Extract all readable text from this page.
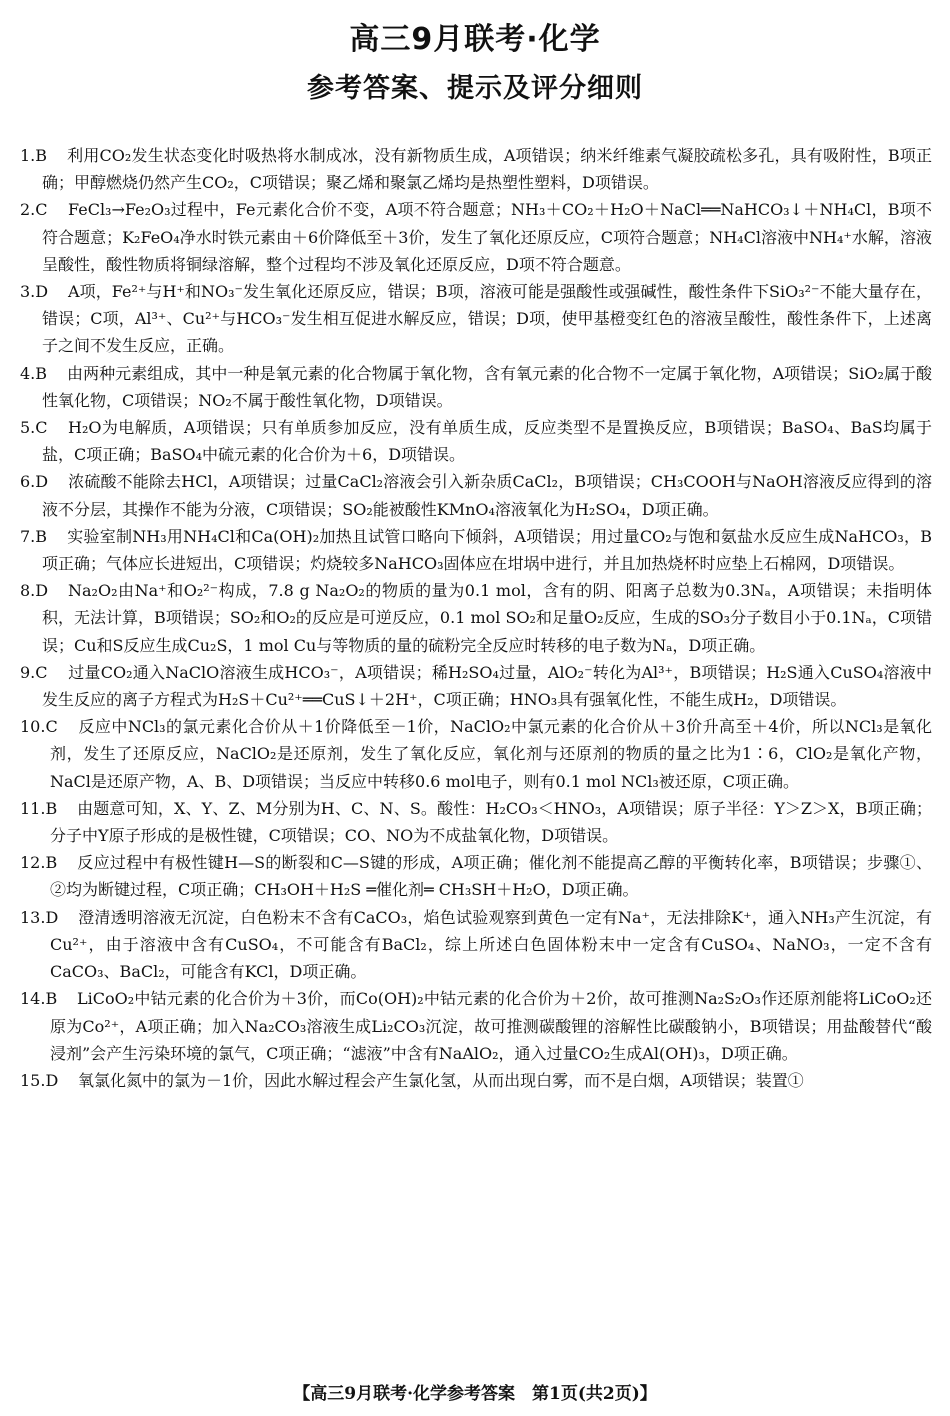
高三9月联考·化学
参考答案、提示及评分细则

1.B	利用CO₂发生状态变化时吸热将水制成冰，没有新物质生成，A项错误；纳米纤维素气凝胶疏松多孔，具有吸附性，B项正确；甲醇燃烧仍然产生CO₂，C项错误；聚乙烯和聚氯乙烯均是热塑性塑料，D项错误。

2.C	FeCl₃→Fe₂O₃过程中，Fe元素化合价不变，A项不符合题意；NH₃＋CO₂＋H₂O＋NaCl══NaHCO₃↓＋NH₄Cl，B项不符合题意；K₂FeO₄净水时铁元素由＋6价降低至＋3价，发生了氧化还原反应，C项符合题意；NH₄Cl溶液中NH₄⁺水解，溶液呈酸性，酸性物质将铜绿溶解，整个过程均不涉及氧化还原反应，D项不符合题意。

3.D	A项，Fe²⁺与H⁺和NO₃⁻发生氧化还原反应，错误；B项，溶液可能是强酸性或强碱性，酸性条件下SiO₃²⁻不能大量存在，错误；C项，Al³⁺、Cu²⁺与HCO₃⁻发生相互促进水解反应，错误；D项，使甲基橙变红色的溶液呈酸性，酸性条件下，上述离子之间不发生反应，正确。

4.B	由两种元素组成，其中一种是氧元素的化合物属于氧化物，含有氧元素的化合物不一定属于氧化物，A项错误；SiO₂属于酸性氧化物，C项错误；NO₂不属于酸性氧化物，D项错误。

5.C	H₂O为电解质，A项错误；只有单质参加反应，没有单质生成，反应类型不是置换反应，B项错误；BaSO₄、BaS均属于盐，C项正确；BaSO₄中硫元素的化合价为＋6，D项错误。

6.D	浓硫酸不能除去HCl，A项错误；过量CaCl₂溶液会引入新杂质CaCl₂，B项错误；CH₃COOH与NaOH溶液反应得到的溶液不分层，其操作不能为分液，C项错误；SO₂能被酸性KMnO₄溶液氧化为H₂SO₄，D项正确。

7.B	实验室制NH₃用NH₄Cl和Ca(OH)₂加热且试管口略向下倾斜，A项错误；用过量CO₂与饱和氨盐水反应生成NaHCO₃，B项正确；气体应长进短出，C项错误；灼烧较多NaHCO₃固体应在坩埚中进行，并且加热烧杯时应垫上石棉网，D项错误。

8.D	Na₂O₂由Na⁺和O₂²⁻构成，7.8 g Na₂O₂的物质的量为0.1 mol，含有的阴、阳离子总数为0.3Nₐ，A项错误；未指明体积，无法计算，B项错误；SO₂和O₂的反应是可逆反应，0.1 mol SO₂和足量O₂反应，生成的SO₃分子数目小于0.1Nₐ，C项错误；Cu和S反应生成Cu₂S，1 mol Cu与等物质的量的硫粉完全反应时转移的电子数为Nₐ，D项正确。

9.C	过量CO₂通入NaClO溶液生成HCO₃⁻，A项错误；稀H₂SO₄过量，AlO₂⁻转化为Al³⁺，B项错误；H₂S通入CuSO₄溶液中发生反应的离子方程式为H₂S＋Cu²⁺══CuS↓＋2H⁺，C项正确；HNO₃具有强氧化性，不能生成H₂，D项错误。

10.C	反应中NCl₃的氯元素化合价从＋1价降低至－1价，NaClO₂中氯元素的化合价从＋3价升高至＋4价，所以NCl₃是氧化剂，发生了还原反应，NaClO₂是还原剂，发生了氧化反应，氧化剂与还原剂的物质的量之比为1∶6，ClO₂是氧化产物，NaCl是还原产物，A、B、D项错误；当反应中转移0.6 mol电子，则有0.1 mol NCl₃被还原，C项正确。

11.B	由题意可知，X、Y、Z、M分别为H、C、N、S。酸性：H₂CO₃＜HNO₃，A项错误；原子半径：Y＞Z＞X，B项正确；分子中Y原子形成的是极性键，C项错误；CO、NO为不成盐氧化物，D项错误。

12.B	反应过程中有极性键H—S的断裂和C—S键的形成，A项正确；催化剂不能提高乙醇的平衡转化率，B项错误；步骤①、②均为断键过程，C项正确；CH₃OH＋H₂S ═催化剂═ CH₃SH＋H₂O，D项正确。

13.D	澄清透明溶液无沉淀，白色粉末不含有CaCO₃，焰色试验观察到黄色一定有Na⁺，无法排除K⁺，通入NH₃产生沉淀，有Cu²⁺，由于溶液中含有CuSO₄，不可能含有BaCl₂，综上所述白色固体粉末中一定含有CuSO₄、NaNO₃，一定不含有CaCO₃、BaCl₂，可能含有KCl，D项正确。

14.B	LiCoO₂中钴元素的化合价为＋3价，而Co(OH)₂中钴元素的化合价为＋2价，故可推测Na₂S₂O₃作还原剂能将LiCoO₂还原为Co²⁺，A项正确；加入Na₂CO₃溶液生成Li₂CO₃沉淀，故可推测碳酸锂的溶解性比碳酸钠小，B项错误；用盐酸替代“酸浸剂”会产生污染环境的氯气，C项正确；“滤液”中含有NaAlO₂，通入过量CO₂生成Al(OH)₃，D项正确。

15.D	氧氯化氮中的氯为－1价，因此水解过程会产生氯化氢，从而出现白雾，而不是白烟，A项错误；装置①

【高三9月联考·化学参考答案　第1页(共2页)】
